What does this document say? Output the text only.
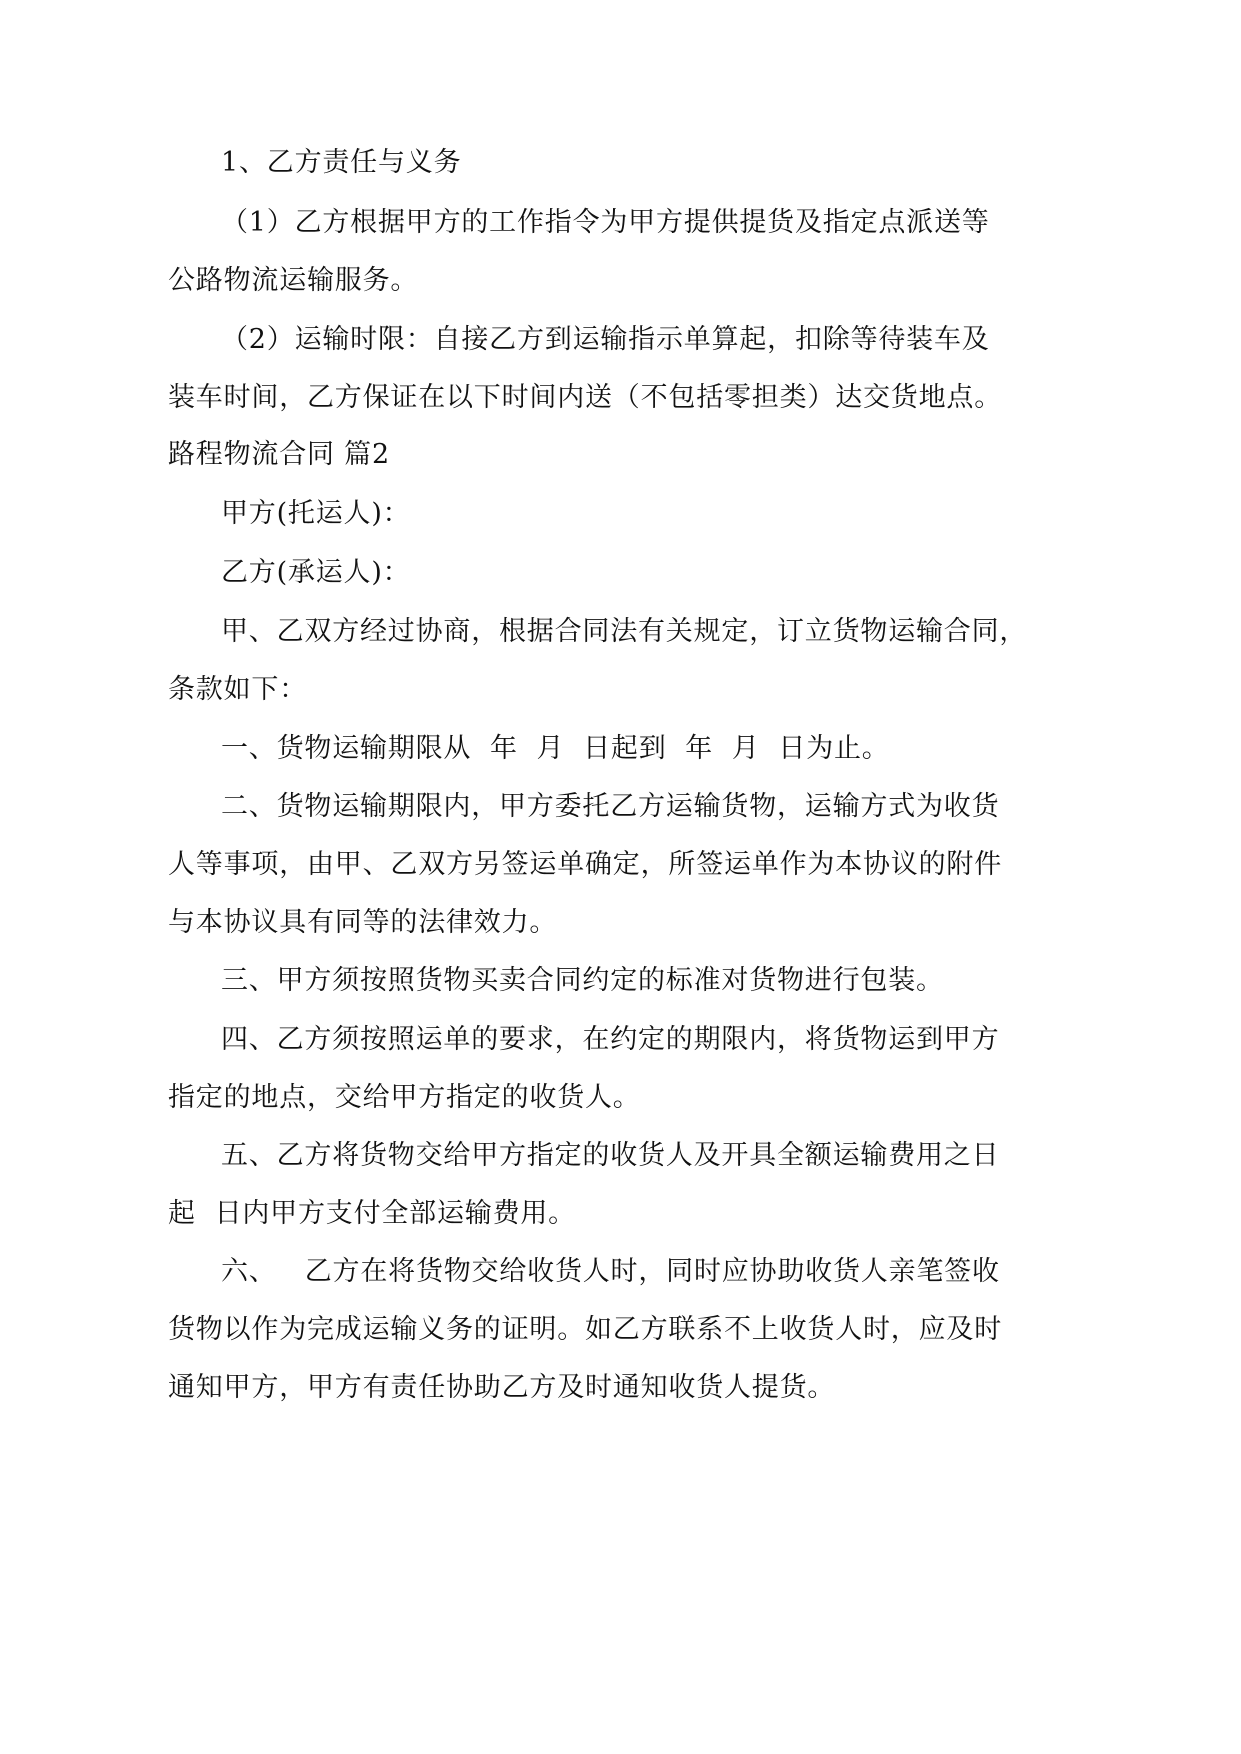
1、乙方责任与义务

（1）乙方根据甲方的工作指令为甲方提供提货及指定点派送等

公路物流运输服务。

（2）运输时限：自接乙方到运输指示单算起，扣除等待装车及

装车时间，乙方保证在以下时间内送（不包括零担类）达交货地点。

路程物流合同 篇2

甲方(托运人)：

乙方(承运人)：

甲、乙双方经过协商，根据合同法有关规定，订立货物运输合同，

条款如下：

一、货物运输期限从  年  月  日起到  年  月  日为止。

二、货物运输期限内，甲方委托乙方运输货物，运输方式为收货

人等事项，由甲、乙双方另签运单确定，所签运单作为本协议的附件

与本协议具有同等的法律效力。

三、甲方须按照货物买卖合同约定的标准对货物进行包装。

四、乙方须按照运单的要求，在约定的期限内，将货物运到甲方

指定的地点，交给甲方指定的收货人。

五、乙方将货物交给甲方指定的收货人及开具全额运输费用之日

起  日内甲方支付全部运输费用。

六、   乙方在将货物交给收货人时，同时应协助收货人亲笔签收

货物以作为完成运输义务的证明。如乙方联系不上收货人时，应及时

通知甲方，甲方有责任协助乙方及时通知收货人提货。
